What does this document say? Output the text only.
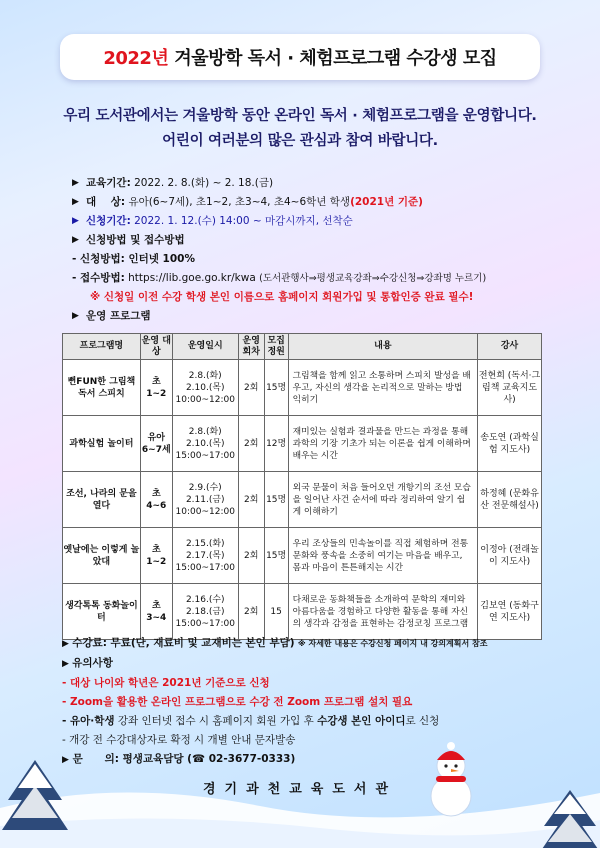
2022년 겨울방학 독서 · 체험프로그램 수강생 모집
우리 도서관에서는 겨울방학 동안 온라인 독서 · 체험프로그램을 운영합니다.
어린이 여러분의 많은 관심과 참여 바랍니다.
▶ 교육기간:
2022. 2. 8.(화) ~ 2. 18.(금)
▶ 대    상:
유아(6~7세), 초1~2, 초3~4, 초4~6학년 학생 (2021년 기준)
▶ 신청기간:
2022. 1. 12.(수) 14:00 ~ 마감시까지, 선착순
▶ 신청방법 및 접수방법
- 신청방법: 인터넷 100%
- 접수방법:
https://lib.goe.go.kr/kwa
(도서관행사⇒평생교육강좌⇒수강신청⇒강좌명 누르기)
※ 신청일 이전 수강 학생 본인 이름으로 홈페이지 회원가입 및 통합인증 완료 필수!
▶ 운영 프로그램
프로그램명	운영 대상	운영일시	운영 회차	모집 정원	내용	강사
뻔FUN한 그림책 독서 스피치	초 1~2	2.8.(화)
2.10.(목)
10:00~12:00	2회	15명	그림책을 함께 읽고 소통하며 스피치 발성을 배우고, 자신의 생각을 논리적으로 말하는 방법 익히기	전현희 (독서·그림책 교육지도사)
과학실험 놀이터	유아 6~7세	2.8.(화)
2.10.(목)
15:00~17:00	2회	12명	재미있는 실험과 결과물을 만드는 과정을 통해 과학의 기장 기초가 되는 이론을 쉽게 이해하며 배우는 시간	송도연 (과학실험 지도사)
조선, 나라의 문을 열다	초 4~6	2.9.(수)
2.11.(금)
10:00~12:00	2회	15명	외국 문물이 처음 들어오던 개항기의 조선 모습을 일어난 사건 순서에 따라 정리하여 알기 쉽게 이해하기	하정혜 (문화유산 전문해설사)
옛날에는 이렇게 놀았대	초 1~2	2.15.(화)
2.17.(목)
15:00~17:00	2회	15명	우리 조상들의 민속놀이를 직접 체험하며 전통문화와 풍속을 소중히 여기는 마음을 배우고, 몸과 마음이 튼튼해지는 시간	이정아 (전래놀이 지도사)
생각톡톡 동화놀이터	초 3~4	2.16.(수)
2.18.(금)
15:00~17:00	2회	15	다채로운 동화책들을 소개하여 문학의 재미와 아름다움을 경험하고 다양한 활동을 통해 자신의 생각과 감정을 표현하는 감정코칭 프로그램	김보연 (동화구연 지도사)
▶ 수강료: 무료(단, 재료비 및 교재비는 본인 부담) ※ 자세한 내용은 수강신청 페이지 내 강의계획서 참조
▶ 유의사항
- 대상 나이와 학년은 2021년 기준으로 신청
- Zoom을 활용한 온라인 프로그램으로 수강 전 Zoom 프로그램 설치 필요
- 유아·학생 강좌 인터넷 접수 시 홈페이지 회원 가입 후 수강생 본인 아이디로 신청
- 개강 전 수강대상자로 확정 시 개별 안내 문자발송
▶ 문      의: 평생교육담당 (☎ 02-3677-0333)
경기과천교육도서관
